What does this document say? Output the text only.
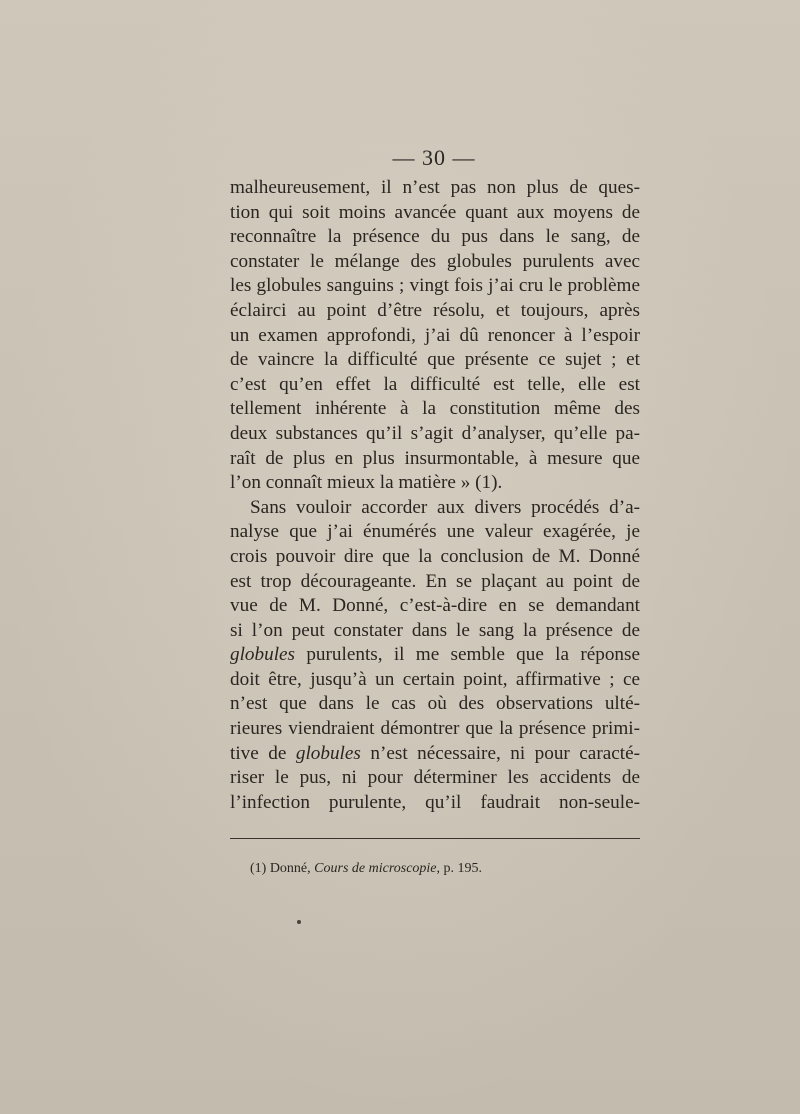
— 30 —
malheureusement, il n’est pas non plus de ques-
tion qui soit moins avancée quant aux moyens de
reconnaître la présence du pus dans le sang, de
constater le mélange des globules purulents avec
les globules sanguins ; vingt fois j’ai cru le problème
éclairci au point d’être résolu, et toujours, après
un examen approfondi, j’ai dû renoncer à l’espoir
de vaincre la difficulté que présente ce sujet ; et
c’est qu’en effet la difficulté est telle, elle est
tellement inhérente à la constitution même des
deux substances qu’il s’agit d’analyser, qu’elle pa-
raît de plus en plus insurmontable, à mesure que
l’on connaît mieux la matière » (1).
Sans vouloir accorder aux divers procédés d’a-
nalyse que j’ai énumérés une valeur exagérée, je
crois pouvoir dire que la conclusion de M. Donné
est trop décourageante. En se plaçant au point de
vue de M. Donné, c’est-à-dire en se demandant
si l’on peut constater dans le sang la présence de
globules purulents, il me semble que la réponse
doit être, jusqu’à un certain point, affirmative ; ce
n’est que dans le cas où des observations ulté-
rieures viendraient démontrer que la présence primi-
tive de globules n’est nécessaire, ni pour caracté-
riser le pus, ni pour déterminer les accidents de
l’infection purulente, qu’il faudrait non-seule-
(1) Donné, Cours de microscopie, p. 195.
